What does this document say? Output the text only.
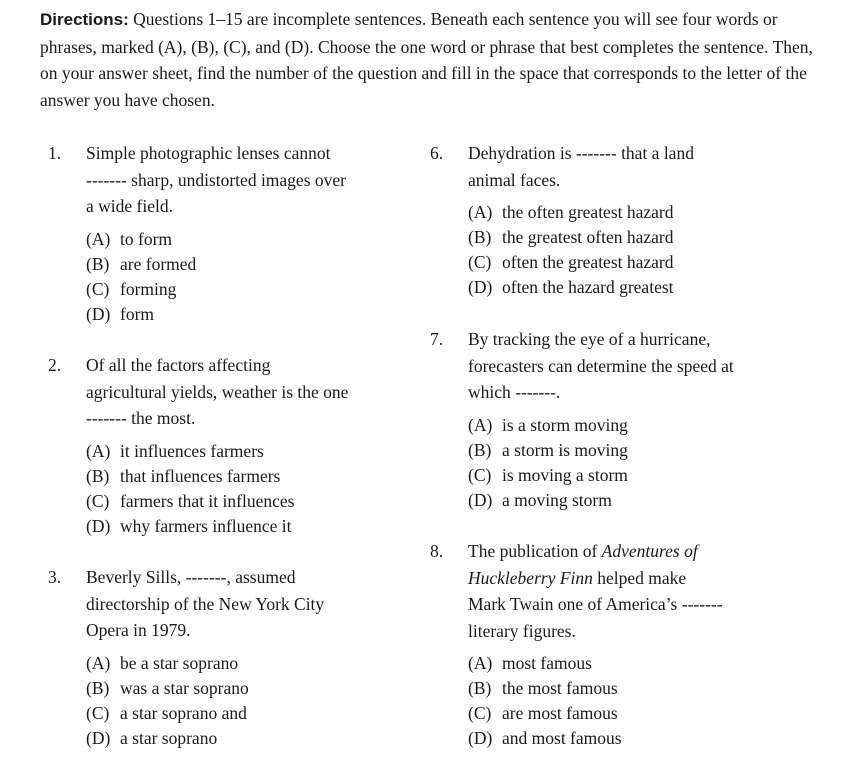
Directions: Questions 1–15 are incomplete sentences. Beneath each sentence you will see four words or phrases, marked (A), (B), (C), and (D). Choose the one word or phrase that best completes the sentence. Then, on your answer sheet, find the number of the question and fill in the space that corresponds to the letter of the answer you have chosen.
1.	Simple photographic lenses cannot
------- sharp, undistorted images over
a wide field.
(A) to form
(B) are formed
(C) forming
(D) form
2.	Of all the factors affecting
agricultural yields, weather is the one
------- the most.
(A) it influences farmers
(B) that influences farmers
(C) farmers that it influences
(D) why farmers influence it
3.	Beverly Sills, -------, assumed
directorship of the New York City
Opera in 1979.
(A) be a star soprano
(B) was a star soprano
(C) a star soprano and
(D) a star soprano
6.	Dehydration is ------- that a land
animal faces.
(A) the often greatest hazard
(B) the greatest often hazard
(C) often the greatest hazard
(D) often the hazard greatest
7.	By tracking the eye of a hurricane,
forecasters can determine the speed at
which -------.
(A) is a storm moving
(B) a storm is moving
(C) is moving a storm
(D) a moving storm
8.	The publication of Adventures of
Huckleberry Finn helped make
Mark Twain one of America’s -------
literary figures.
(A) most famous
(B) the most famous
(C) are most famous
(D) and most famous
